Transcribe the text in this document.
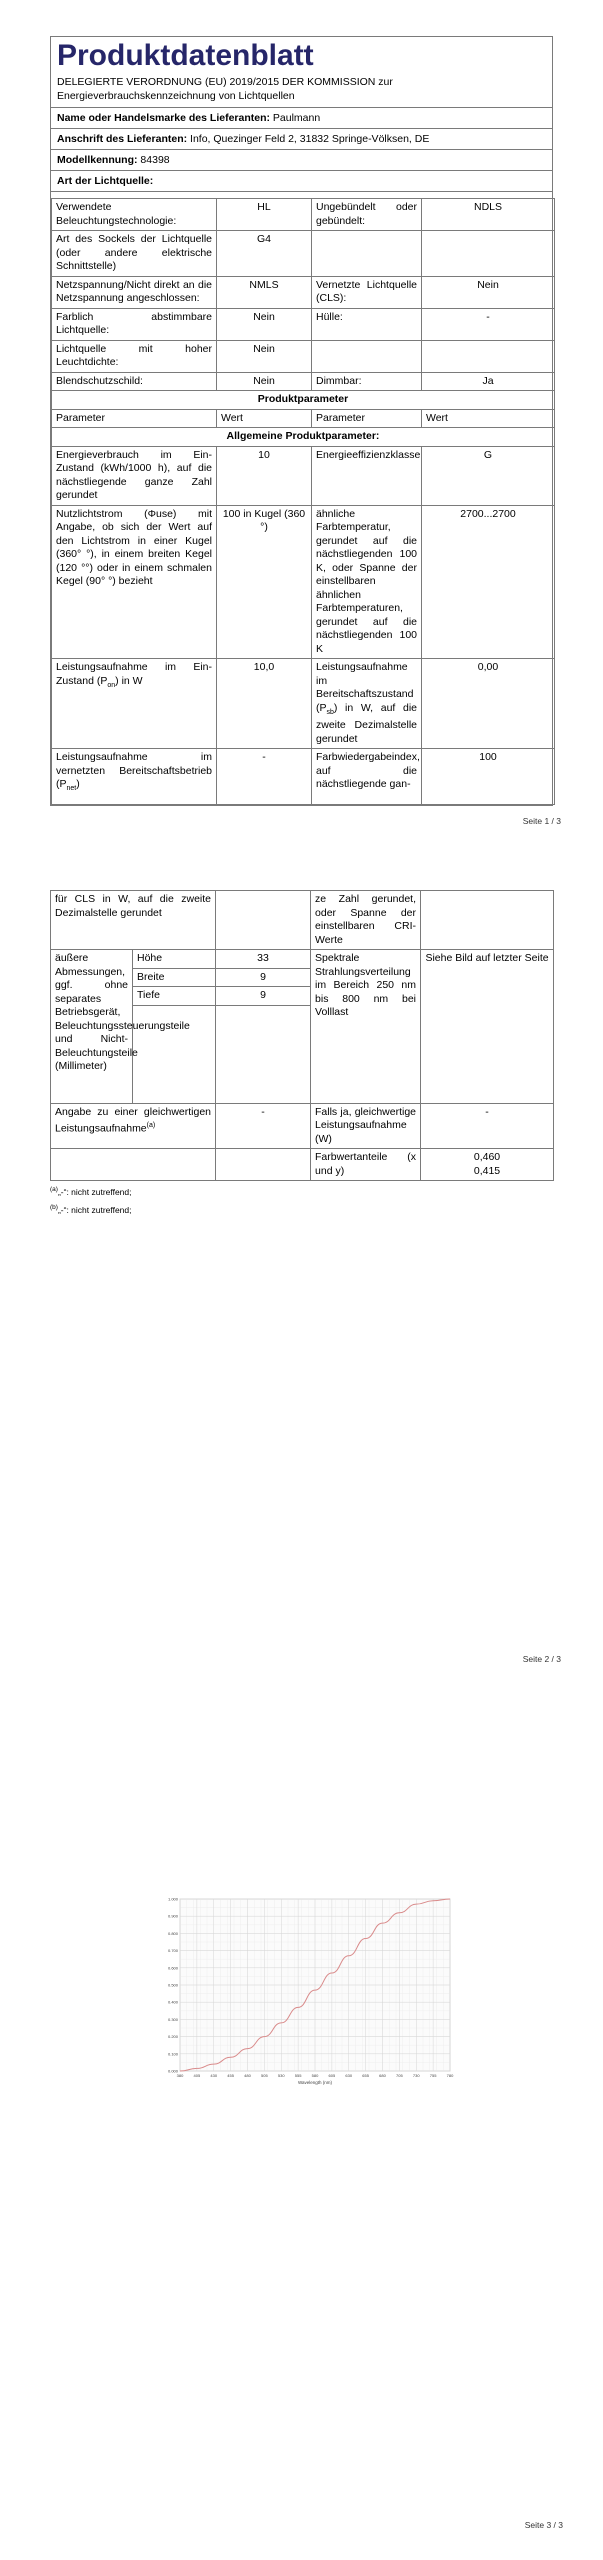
Produktdatenblatt
DELEGIERTE VERORDNUNG (EU) 2019/2015 DER KOMMISSION zur Energieverbrauchskennzeichnung von Lichtquellen
Name oder Handelsmarke des Lieferanten: Paulmann
Anschrift des Lieferanten: Info, Quezinger Feld 2, 31832 Springe-Völksen, DE
Modellkennung: 84398
Art der Lichtquelle:
Verwendete Beleuchtungstechnologie:	HL	Ungebündelt oder gebündelt:	NDLS
Art des Sockels der Lichtquelle (oder andere elektrische Schnittstelle)	G4		
Netzspannung/Nicht direkt an die Netzspannung angeschlossen:	NMLS	Vernetzte Lichtquelle (CLS):	Nein
Farblich abstimmbare Lichtquelle:	Nein	Hülle:	-
Lichtquelle mit hoher Leuchtdichte:	Nein		
Blendschutzschild:	Nein	Dimmbar:	Ja
Produktparameter			
Parameter	Wert	Parameter	Wert
Allgemeine Produktparameter:			
Energieverbrauch im Ein-Zustand (kWh/1000 h), auf die nächstliegende ganze Zahl gerundet	10	Energieeffizienzklasse	G
Nutzlichtstrom (Φuse) mit Angabe, ob sich der Wert auf den Lichtstrom in einer Kugel (360° °), in einem breiten Kegel (120 °°) oder in einem schmalen Kegel (90° °) bezieht	100 in Kugel (360 °)	ähnliche Farbtemperatur, gerundet auf die nächstliegenden 100 K, oder Spanne der einstellbaren ähnlichen Farbtemperaturen, gerundet auf die nächstliegenden 100 K	2700...2700
Leistungsaufnahme im Ein-Zustand $(P_{on})$ in W	10,0	Leistungsaufnahme im Bereitschaftszustand $(P_{sb})$ in W, auf die zweite Dezimalstelle gerundet	0,00
Leistungsaufnahme im vernetzten Bereitschaftsbetrieb $(P_{net})$	-	Farbwiedergabeindex, auf die nächstliegende gan-	100
Seite 1 / 3
für CLS in W, auf die zweite Dezimalstelle gerundet			ze Zahl gerundet, oder Spanne der einstellbaren CRI-Werte	
äußere Abmessungen, ggf. ohne separates Betriebsgerät, Beleuchtungssteuerungsteile und Nicht-Beleuchtungsteile (Millimeter)	Höhe	33	Spektrale Strahlungsverteilung im Bereich 250 nm bis 800 nm bei Volllast	Siehe Bild auf letzter Seite
	Breite	9		
	Tiefe	9		

Angabe zu einer gleichwertigen Leistungsaufnahme$^{(a)}$		-	Falls ja, gleichwertige Leistungsaufnahme (W)	-
			Farbwertanteile (x und y)	0,460
0,415
$^{(a)}$„-“: nicht zutreffend;
$^{(b)}$„-“: nicht zutreffend;
Seite 2 / 3
Seite 3 / 3
0.000
0.100
0.200
0.300
0.400
0.500
0.600
0.700
0.800
0.900
1.000
380	405	430	455	480	505	530	555	580	605	630	655	680	705	730	755	780
Wavelength (nm)
